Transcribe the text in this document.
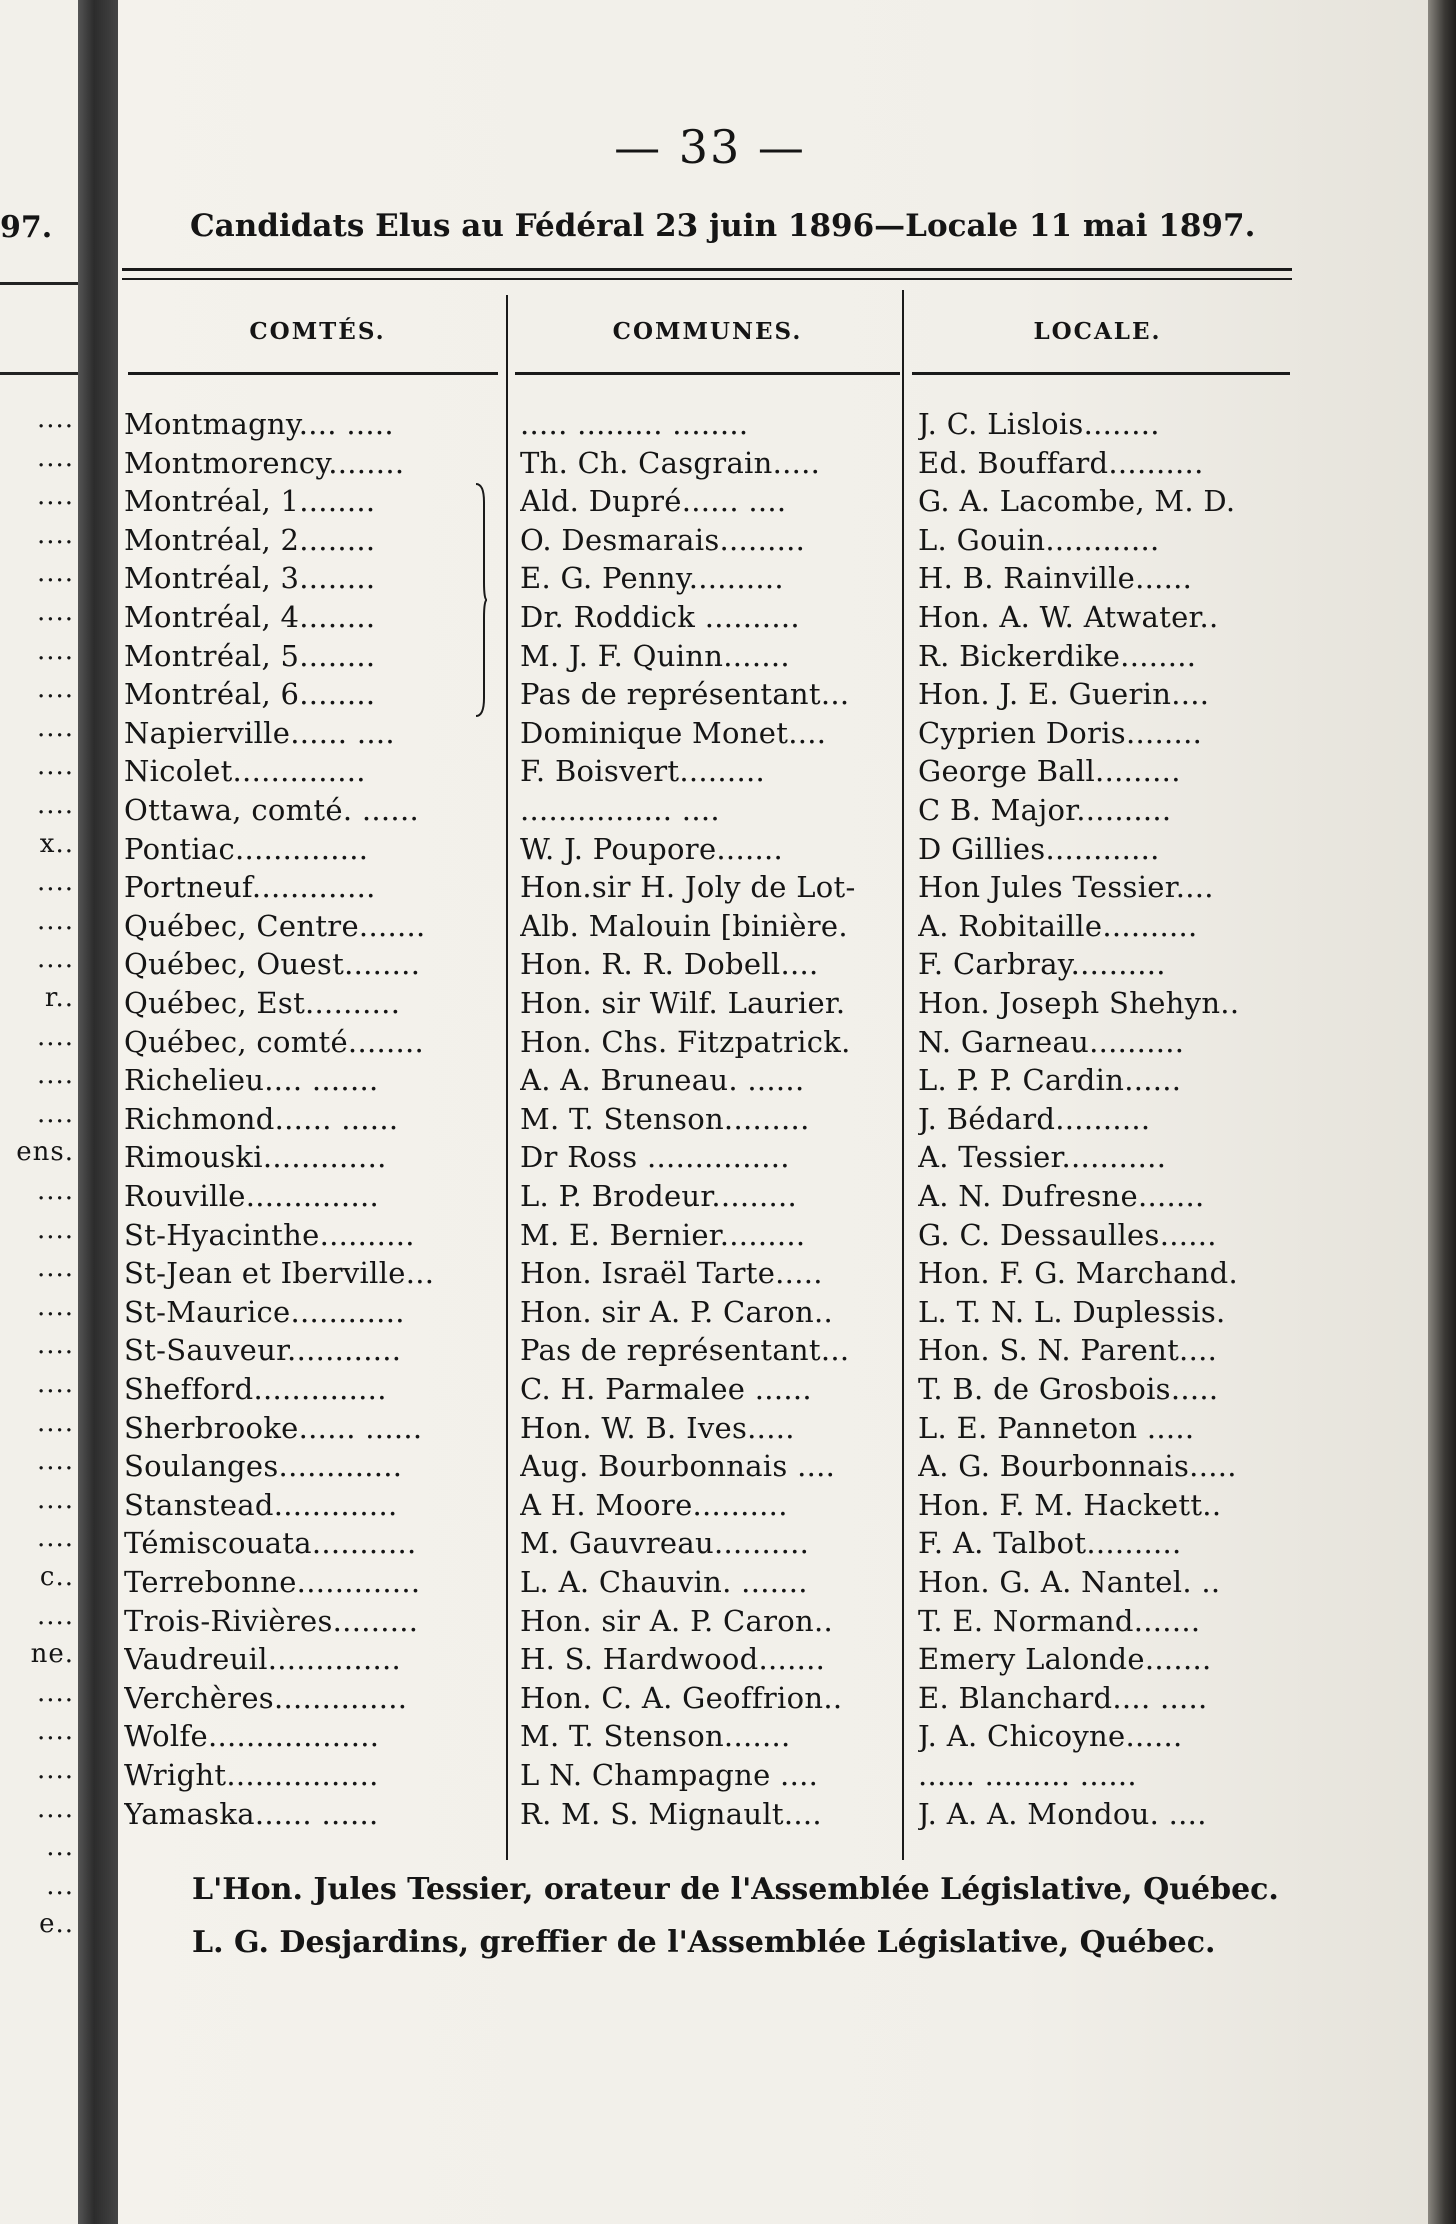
97.
....
....
....
....
....
....
....
....
....
....
....
x..
....
....
....
r..
....
....
....
ens.
....
....
....
....
....
....
....
....
....
....
c..
....
ne.
....
....
....
....
...
...
e..
— 33 —
Candidats Elus au Fédéral 23 juin 1896—Locale 11 mai 1897.
COMTÉS.	COMMUNES.	LOCALE.
Montmagny.... .....	..... ......... ........	J. C. Lislois........
Montmorency........	Th. Ch. Casgrain.....	Ed. Bouffard..........
Montréal, 1........	Ald. Dupré...... ....	G. A. Lacombe, M. D.
Montréal, 2........	O. Desmarais.........	L. Gouin............
Montréal, 3........	E. G. Penny..........	H. B. Rainville......
Montréal, 4........	Dr. Roddick ..........	Hon. A. W. Atwater..
Montréal, 5........	M. J. F. Quinn.......	R. Bickerdike........
Montréal, 6........	Pas de représentant...	Hon. J. E. Guerin....
Napierville...... ....	Dominique Monet....	Cyprien Doris........
Nicolet..............	F. Boisvert.........	George Ball.........
Ottawa, comté. ......	................ ....	C B. Major..........
Pontiac..............	W. J. Poupore.......	D Gillies............
Portneuf.............	Hon.sir H. Joly de Lot-	Hon Jules Tessier....
Québec, Centre.......	Alb. Malouin [binière.	A. Robitaille..........
Québec, Ouest........	Hon. R. R. Dobell....	F. Carbray..........
Québec, Est..........	Hon. sir Wilf. Laurier.	Hon. Joseph Shehyn..
Québec, comté........	Hon. Chs. Fitzpatrick.	N. Garneau..........
Richelieu.... .......	A. A. Bruneau. ......	L. P. P. Cardin......
Richmond...... ......	M. T. Stenson.........	J. Bédard..........
Rimouski.............	Dr Ross ...............	A. Tessier...........
Rouville..............	L. P. Brodeur.........	A. N. Dufresne.......
St-Hyacinthe..........	M. E. Bernier.........	G. C. Dessaulles......
St-Jean et Iberville...	Hon. Israël Tarte.....	Hon. F. G. Marchand.
St-Maurice............	Hon. sir A. P. Caron..	L. T. N. L. Duplessis.
St-Sauveur............	Pas de représentant...	Hon. S. N. Parent....
Shefford..............	C. H. Parmalee ......	T. B. de Grosbois.....
Sherbrooke...... ......	Hon. W. B. Ives.....	L. E. Panneton .....
Soulanges.............	Aug. Bourbonnais ....	A. G. Bourbonnais.....
Stanstead.............	A H. Moore..........	Hon. F. M. Hackett..
Témiscouata...........	M. Gauvreau..........	F. A. Talbot..........
Terrebonne.............	L. A. Chauvin. .......	Hon. G. A. Nantel. ..
Trois-Rivières.........	Hon. sir A. P. Caron..	T. E. Normand.......
Vaudreuil..............	H. S. Hardwood.......	Emery Lalonde.......
Verchères..............	Hon. C. A. Geoffrion..	E. Blanchard.... .....
Wolfe..................	M. T. Stenson.......	J. A. Chicoyne......
Wright................	L N. Champagne ....	...... ......... ......
Yamaska...... ......	R. M. S. Mignault....	J. A. A. Mondou. ....
L'Hon. Jules Tessier, orateur de l'Assemblée Législative, Québec.
L. G. Desjardins, greffier de l'Assemblée Législative, Québec.
